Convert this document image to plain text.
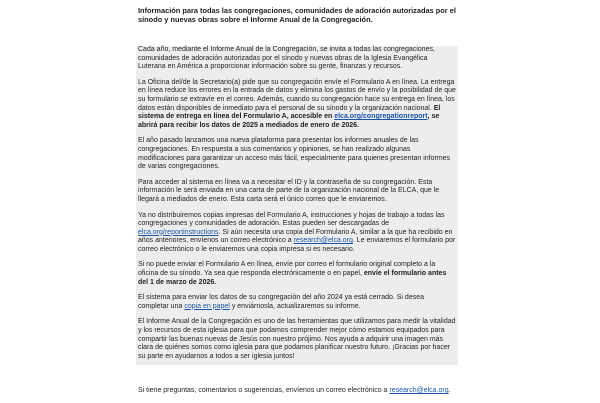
Información para todas las congregaciones, comunidades de adoración autorizadas por el sínodo y nuevas obras sobre el Informe Anual de la Congregación.

Cada año, mediante el Informe Anual de la Congregación, se invita a todas las congregaciones, comunidades de adoración autorizadas por el sínodo y nuevas obras de la Iglesia Evangélica Luterana en América a proporcionar información sobre su gente, finanzas y recursos.

La Oficina del/de la Secretario(a) pide que su congregación envíe el Formulario A en línea. La entrega en línea reduce los errores en la entrada de datos y elimina los gastos de envío y la posibilidad de que su formulario se extravíe en el correo. Además, cuando su congregación hace su entrega en línea, los datos están disponibles de inmediato para el personal de su sínodo y la organización nacional. El sistema de entrega en línea del Formulario A, accesible en elca.org/congregationreport, se abrirá para recibir los datos de 2025 a mediados de enero de 2026.

El año pasado lanzamos una nueva plataforma para presentar los informes anuales de las congregaciones. En respuesta a sus comentarios y opiniones, se han realizado algunas modificaciones para garantizar un acceso más fácil, especialmente para quienes presentan informes de varias congregaciones.

Para acceder al sistema en línea va a necesitar el ID y la contraseña de su congregación. Esta información le será enviada en una carta de parte de la organización nacional de la ELCA, que le llegará a mediados de enero. Esta carta será el único correo que le enviaremos.

Ya no distribuiremos copias impresas del Formulario A, instrucciones y hojas de trabajo a todas las congregaciones y comunidades de adoración. Estas pueden ser descargadas de elca.org/reportinstructions. Si aún necesita una copia del Formulario A, similar a la que ha recibido en años anteriores, envíenos un correo electrónico a research@elca.org. Le enviaremos el formulario por correo electrónico o le enviaremos una copia impresa si es necesario.

Si no puede enviar el Formulario A en línea, envíe por correo el formulario original completo a la oficina de su sínodo. Ya sea que responda electrónicamente o en papel, envíe el formulario antes del 1 de marzo de 2026.

El sistema para enviar los datos de su congregación del año 2024 ya está cerrado. Si desea completar una copia en papel y enviárnosla, actualizaremos su informe.

El Informe Anual de la Congregación es uno de las herramientas que utilizamos para medir la vitalidad y los recursos de esta iglesia para que podamos comprender mejor cómo estamos equipados para compartir las buenas nuevas de Jesús con nuestro prójimo. Nos ayuda a adquirir una imagen más clara de quiénes somos como iglesia para que podamos planificar nuestro futuro. ¡Gracias por hacer su parte en ayudarnos a todos a ser iglesia juntos!

Si tiene preguntas, comentarios o sugerencias, envíenos un correo electrónico a research@elca.org.
